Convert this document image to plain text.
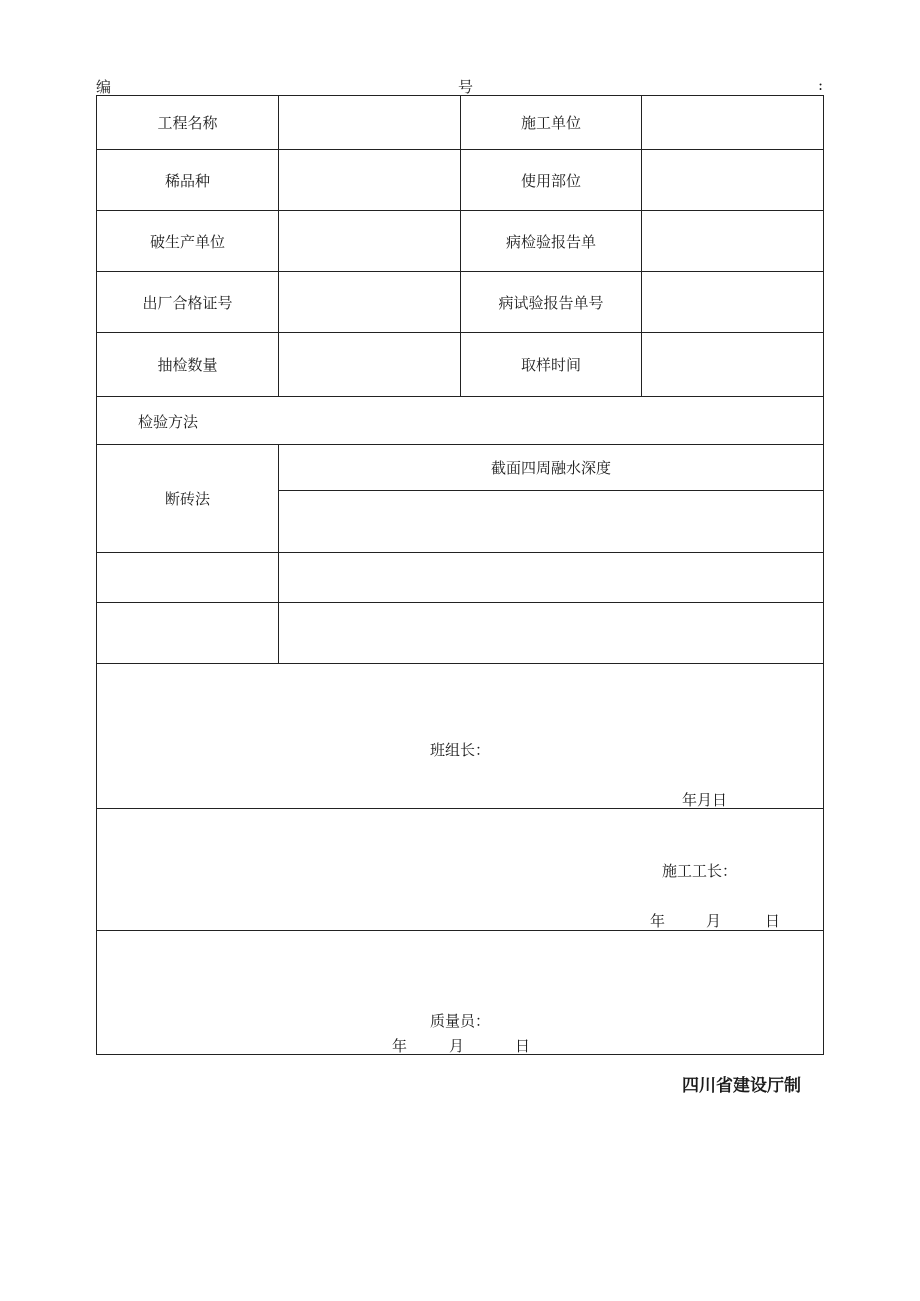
编	号	:
工程名称	施工单位
稀品种	使用部位
破生产单位	病检验报告单
出厂合格证号	病试验报告单号
抽检数量	取样时间
检验方法
断砖法
截面四周融水深度
班组长：
年月日
施工工长：
年	月	日
质量员：
年	月	日
四川省建设厅制
